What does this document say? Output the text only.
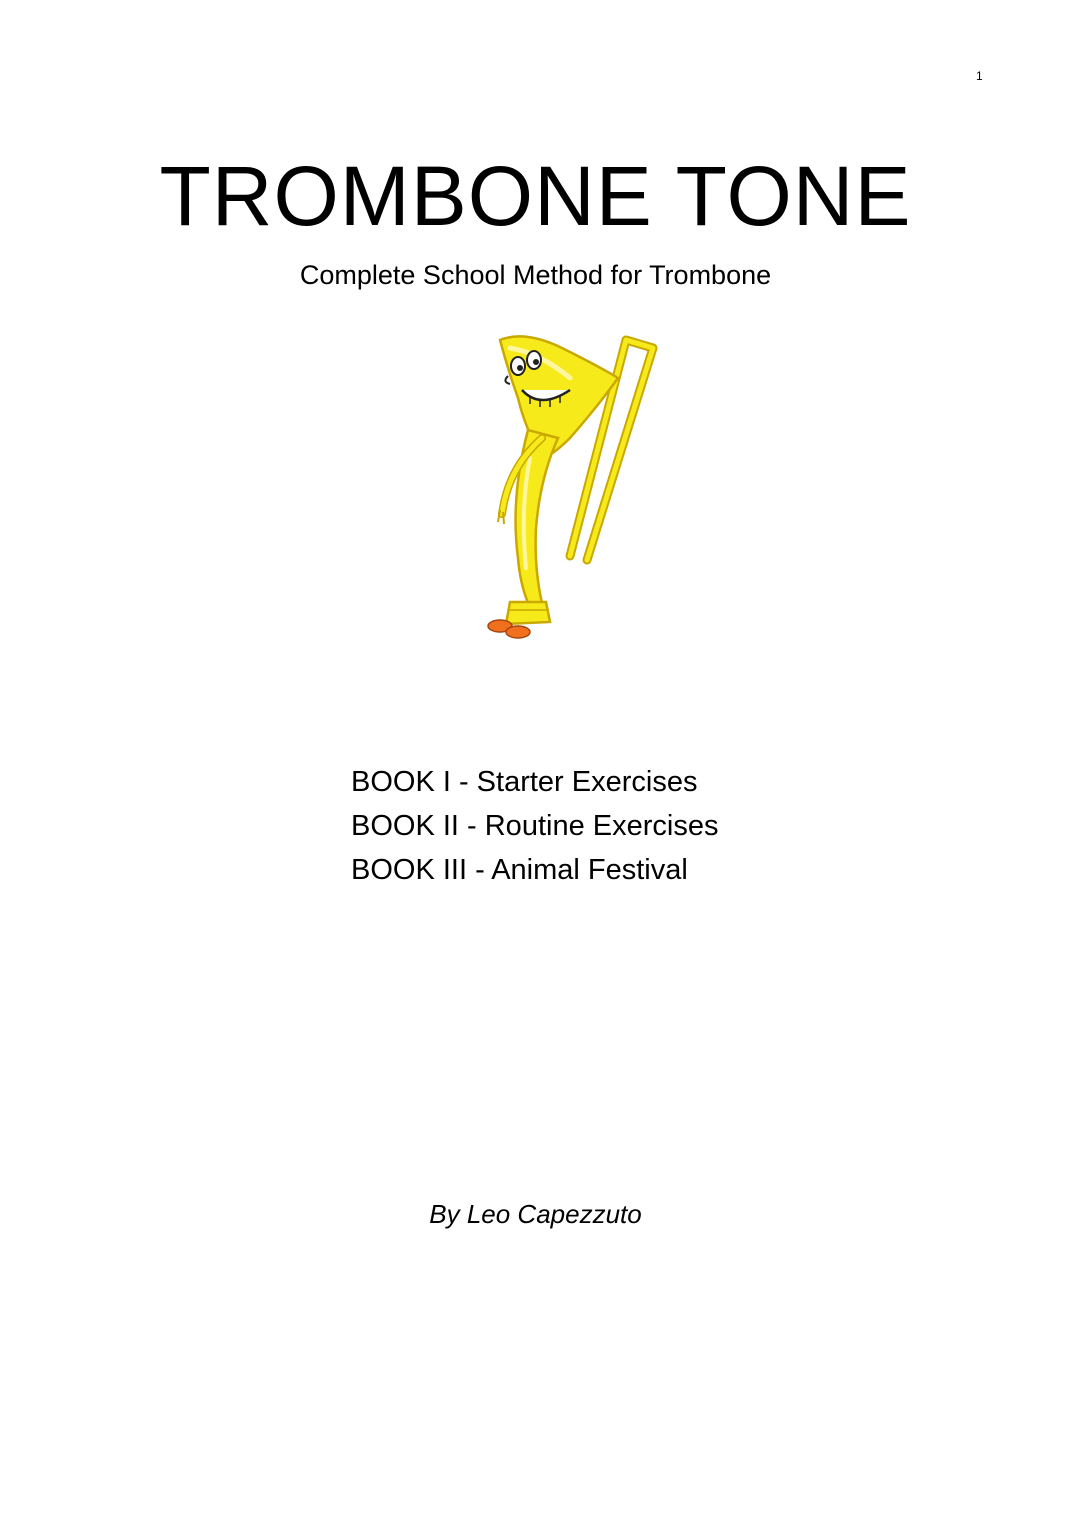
1
TROMBONE TONE

Complete School Method for Trombone

BOOK I - Starter Exercises
BOOK II - Routine Exercises
BOOK III - Animal Festival

By Leo Capezzuto
